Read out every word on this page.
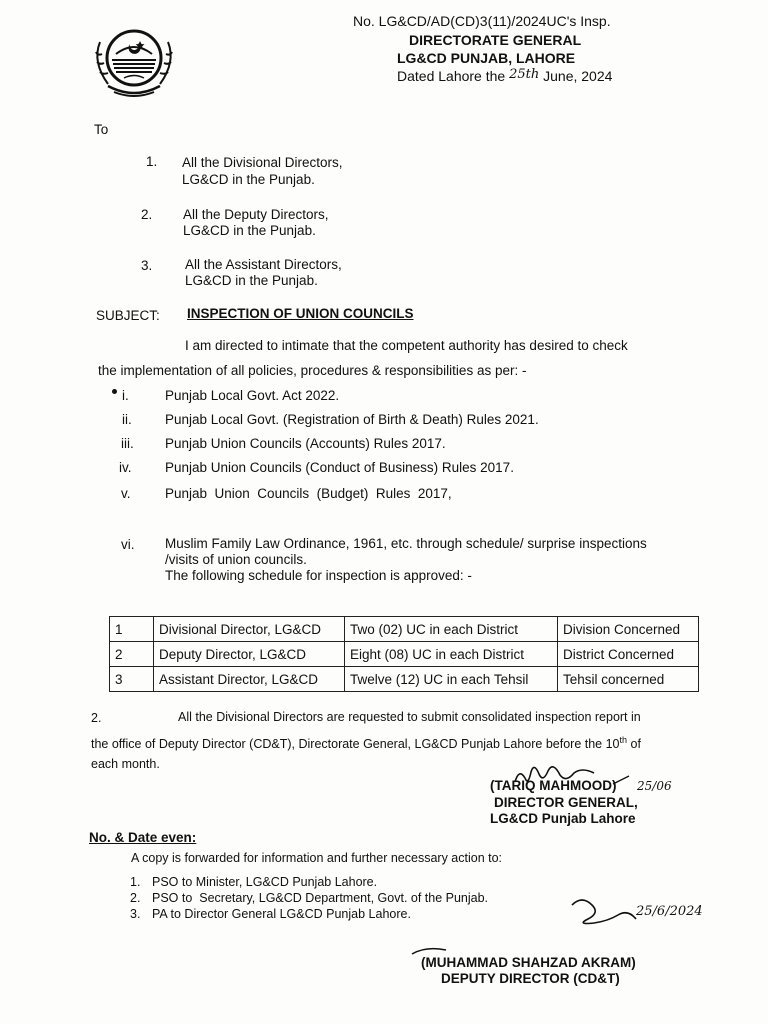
No. LG&CD/AD(CD)3(11)/2024UC's Insp.
DIRECTORATE GENERAL
LG&CD PUNJAB, LAHORE
Dated Lahore the 25th June, 2024
To
1. All the Divisional Directors,
LG&CD in the Punjab.
2. All the Deputy Directors,
LG&CD in the Punjab.
3. All the Assistant Directors,
LG&CD in the Punjab.
SUBJECT: INSPECTION OF UNION COUNCILS
I am directed to intimate that the competent authority has desired to check
the implementation of all policies, procedures & responsibilities as per: -
i.	Punjab Local Govt. Act 2022.
ii. Punjab Local Govt. (Registration of Birth & Death) Rules 2021.
iii. Punjab Union Councils (Accounts) Rules 2017.
iv. Punjab Union Councils (Conduct of Business) Rules 2017.
v.	Punjab  Union  Councils  (Budget)  Rules  2017,
vi. Muslim Family Law Ordinance, 1961, etc. through schedule/ surprise inspections
/visits of union councils.
The following schedule for inspection is approved: -
1	Divisional Director, LG&CD	Two (02) UC in each District	Division Concerned
2	Deputy Director, LG&CD	Eight (08) UC in each District	District Concerned
3	Assistant Director, LG&CD	Twelve (12) UC in each Tehsil	Tehsil concerned
2.	All the Divisional Directors are requested to submit consolidated inspection report in
the office of Deputy Director (CD&T), Directorate General, LG&CD Punjab Lahore before the 10th of
each month.
(TARIQ MAHMOOD) 25/06
DIRECTOR GENERAL,
LG&CD Punjab Lahore
No. & Date even:
A copy is forwarded for information and further necessary action to:
1. PSO to Minister, LG&CD Punjab Lahore.
2. PSO to  Secretary, LG&CD Department, Govt. of the Punjab.
3. PA to Director General LG&CD Punjab Lahore.	25/6/2024
(MUHAMMAD SHAHZAD AKRAM)
DEPUTY DIRECTOR (CD&T)
